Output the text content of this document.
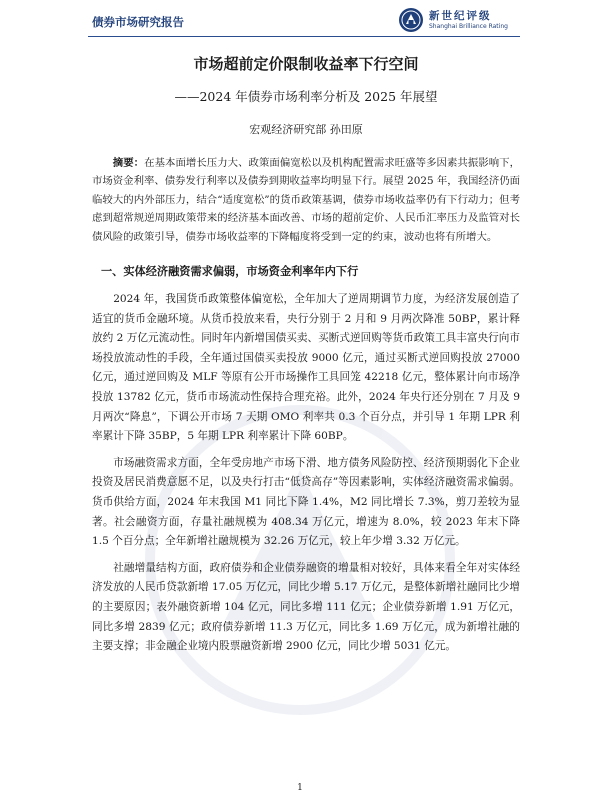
债券市场研究报告	新世纪评级
Shanghai Brilliance Rating
市场超前定价限制收益率下行空间
——2024 年债券市场利率分析及 2025 年展望
宏观经济研究部 孙田原

摘要：在基本面增长压力大、政策面偏宽松以及机构配置需求旺盛等多因素共振影响下，市场资金利率、债券发行利率以及债券到期收益率均明显下行。展望 2025 年，我国经济仍面临较大的内外部压力，结合“适度宽松”的货币政策基调，债券市场收益率仍有下行动力；但考虑到超常规逆周期政策带来的经济基本面改善、市场的超前定价、人民币汇率压力及监管对长债风险的政策引导，债券市场收益率的下降幅度将受到一定的约束，波动也将有所增大。

一、实体经济融资需求偏弱，市场资金利率年内下行

2024 年，我国货币政策整体偏宽松，全年加大了逆周期调节力度，为经济发展创造了适宜的货币金融环境。从货币投放来看，央行分别于 2 月和 9 月两次降准 50BP，累计释放约 2 万亿元流动性。同时年内新增国债买卖、买断式逆回购等货币政策工具丰富央行向市场投放流动性的手段，全年通过国债买卖投放 9000 亿元，通过买断式逆回购投放 27000 亿元，通过逆回购及 MLF 等原有公开市场操作工具回笼 42218 亿元，整体累计向市场净投放 13782 亿元，货币市场流动性保持合理充裕。此外，2024 年央行还分别在 7 月及 9 月两次“降息”，下调公开市场 7 天期 OMO 利率共 0.3 个百分点，并引导 1 年期 LPR 利率累计下降 35BP，5 年期 LPR 利率累计下降 60BP。

市场融资需求方面，全年受房地产市场下滑、地方债务风险防控、经济预期弱化下企业投资及居民消费意愿不足，以及央行打击“低贷高存”等因素影响，实体经济融资需求偏弱。货币供给方面，2024 年末我国 M1 同比下降 1.4%，M2 同比增长 7.3%，剪刀差较为显著。社会融资方面，存量社融规模为 408.34 万亿元，增速为 8.0%，较 2023 年末下降 1.5 个百分点；全年新增社融规模为 32.26 万亿元，较上年少增 3.32 万亿元。

社融增量结构方面，政府债券和企业债券融资的增量相对较好，具体来看全年对实体经济发放的人民币贷款新增 17.05 万亿元，同比少增 5.17 万亿元，是整体新增社融同比少增的主要原因；表外融资新增 104 亿元，同比多增 111 亿元；企业债券新增 1.91 万亿元，同比多增 2839 亿元；政府债券新增 11.3 万亿元，同比多 1.69 万亿元，成为新增社融的主要支撑；非金融企业境内股票融资新增 2900 亿元，同比少增 5031 亿元。

1
